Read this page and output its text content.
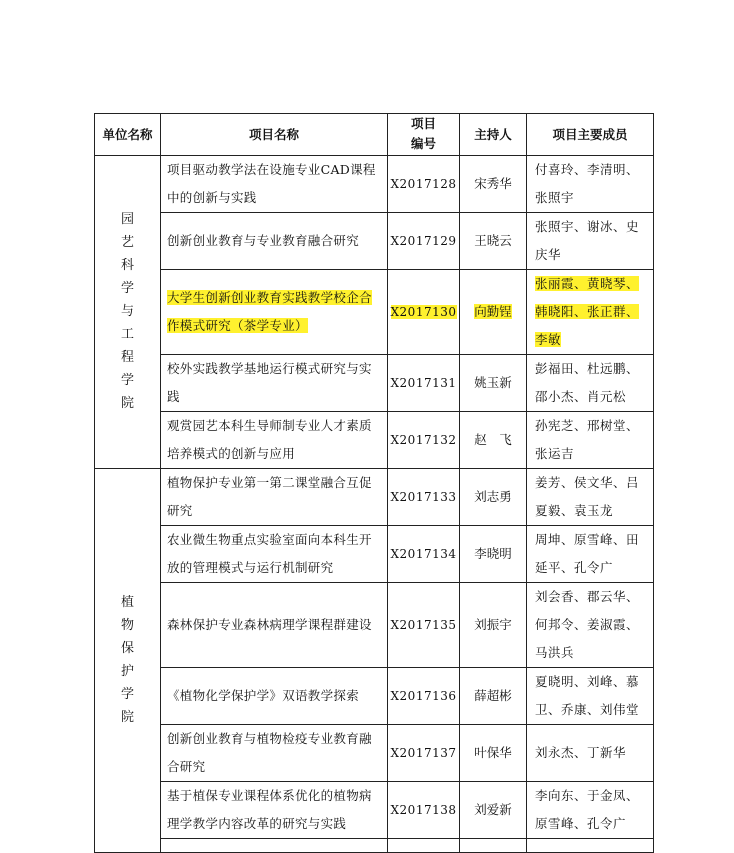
单位名称	项目名称	项目编号	主持人	项目主要成员
园艺科学与工程学院	项目驱动教学法在设施专业CAD课程中的创新与实践	X2017128	宋秀华	付喜玲、李清明、张照宇
	创新创业教育与专业教育融合研究	X2017129	王晓云	张照宇、谢冰、史庆华
	大学生创新创业教育实践教学校企合作模式研究（茶学专业）	X2017130	向勤锃	张丽霞、黄晓琴、韩晓阳、张正群、李敏
	校外实践教学基地运行模式研究与实践	X2017131	姚玉新	彭福田、杜远鹏、邵小杰、肖元松
	观赏园艺本科生导师制专业人才素质培养模式的创新与应用	X2017132	赵　飞	孙宪芝、邢树堂、张运吉
植物保护学院	植物保护专业第一第二课堂融合互促研究	X2017133	刘志勇	姜芳、侯文华、吕夏毅、袁玉龙
	农业微生物重点实验室面向本科生开放的管理模式与运行机制研究	X2017134	李晓明	周坤、原雪峰、田延平、孔令广
	森林保护专业森林病理学课程群建设	X2017135	刘振宇	刘会香、郡云华、何邦令、姜淑霞、马洪兵
	《植物化学保护学》双语教学探索	X2017136	薛超彬	夏晓明、刘峰、慕卫、乔康、刘伟堂
	创新创业教育与植物检疫专业教育融合研究	X2017137	叶保华	刘永杰、丁新华
	基于植保专业课程体系优化的植物病理学教学内容改革的研究与实践	X2017138	刘爱新	李向东、于金凤、原雪峰、孔令广
